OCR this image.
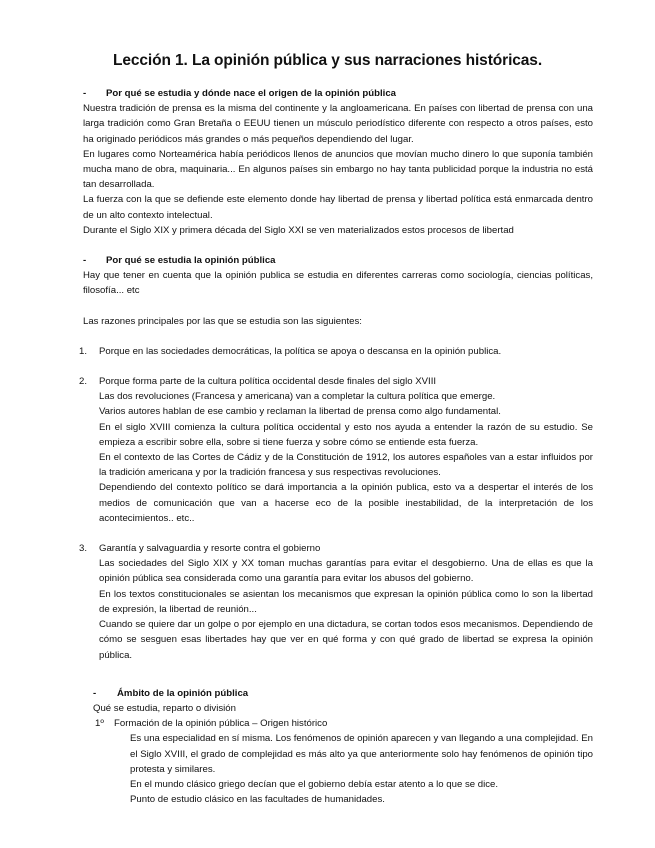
Lección 1. La opinión pública y sus narraciones históricas.
- Por qué se estudia y dónde nace el origen de la opinión pública

Nuestra tradición de prensa es la misma del continente y la angloamericana. En países con libertad de prensa con una larga tradición como Gran Bretaña o EEUU tienen un músculo periodístico diferente con respecto a otros países, esto ha originado periódicos más grandes o más pequeños dependiendo del lugar.

En lugares como Norteamérica había periódicos llenos de anuncios que movían mucho dinero lo que suponía también mucha mano de obra, maquinaria... En algunos países sin embargo no hay tanta publicidad porque la industria no está tan desarrollada.

La fuerza con la que se defiende este elemento donde hay libertad de prensa y libertad política está enmarcada dentro de un alto contexto intelectual.

Durante el Siglo XIX y primera década del Siglo XXI se ven materializados estos procesos de libertad

- Por qué se estudia la opinión pública

Hay que tener en cuenta que la opinión publica se estudia en diferentes carreras como sociología, ciencias políticas, filosofía... etc

Las razones principales por las que se estudia son las siguientes:

1. Porque en las sociedades democráticas, la política se apoya o descansa en la opinión publica.

2. Porque forma parte de la cultura política occidental desde finales del siglo XVIII

Las dos revoluciones (Francesa y americana) van a completar la cultura política que emerge.

Varios autores hablan de ese cambio y reclaman la libertad de prensa como algo fundamental.

En el siglo XVIII comienza la cultura política occidental y esto nos ayuda a entender la razón de su estudio. Se empieza a escribir sobre ella, sobre si tiene fuerza y sobre cómo se entiende esta fuerza.

En el contexto de las Cortes de Cádiz y de la Constitución de 1912, los autores españoles van a estar influidos por la tradición americana y por la tradición francesa y sus respectivas revoluciones.

Dependiendo del contexto político se dará importancia a la opinión publica, esto va a despertar el interés de los medios de comunicación que van a hacerse eco de la posible inestabilidad, de la interpretación de los acontecimientos.. etc..

3. Garantía y salvaguardia y resorte contra el gobierno

Las sociedades del Siglo XIX y XX toman muchas garantías para evitar el desgobierno. Una de ellas es que la opinión pública sea considerada como una garantía para evitar los abusos del gobierno.

En los textos constitucionales se asientan los mecanismos que expresan la opinión pública como lo son la libertad de expresión, la libertad de reunión...

Cuando se quiere dar un golpe o por ejemplo en una dictadura, se cortan todos esos mecanismos. Dependiendo de cómo se sesguen esas libertades hay que ver en qué forma y con qué grado de libertad se expresa la opinión pública.

- Ámbito de la opinión pública

Qué se estudia, reparto o división

1º Formación de la opinión pública – Origen histórico

Es una especialidad en sí misma. Los fenómenos de opinión aparecen y van llegando a una complejidad. En el Siglo XVIII, el grado de complejidad es más alto ya que anteriormente solo hay fenómenos de opinión tipo protesta y similares.

En el mundo clásico griego decían que el gobierno debía estar atento a lo que se dice.

Punto de estudio clásico en las facultades de humanidades.
